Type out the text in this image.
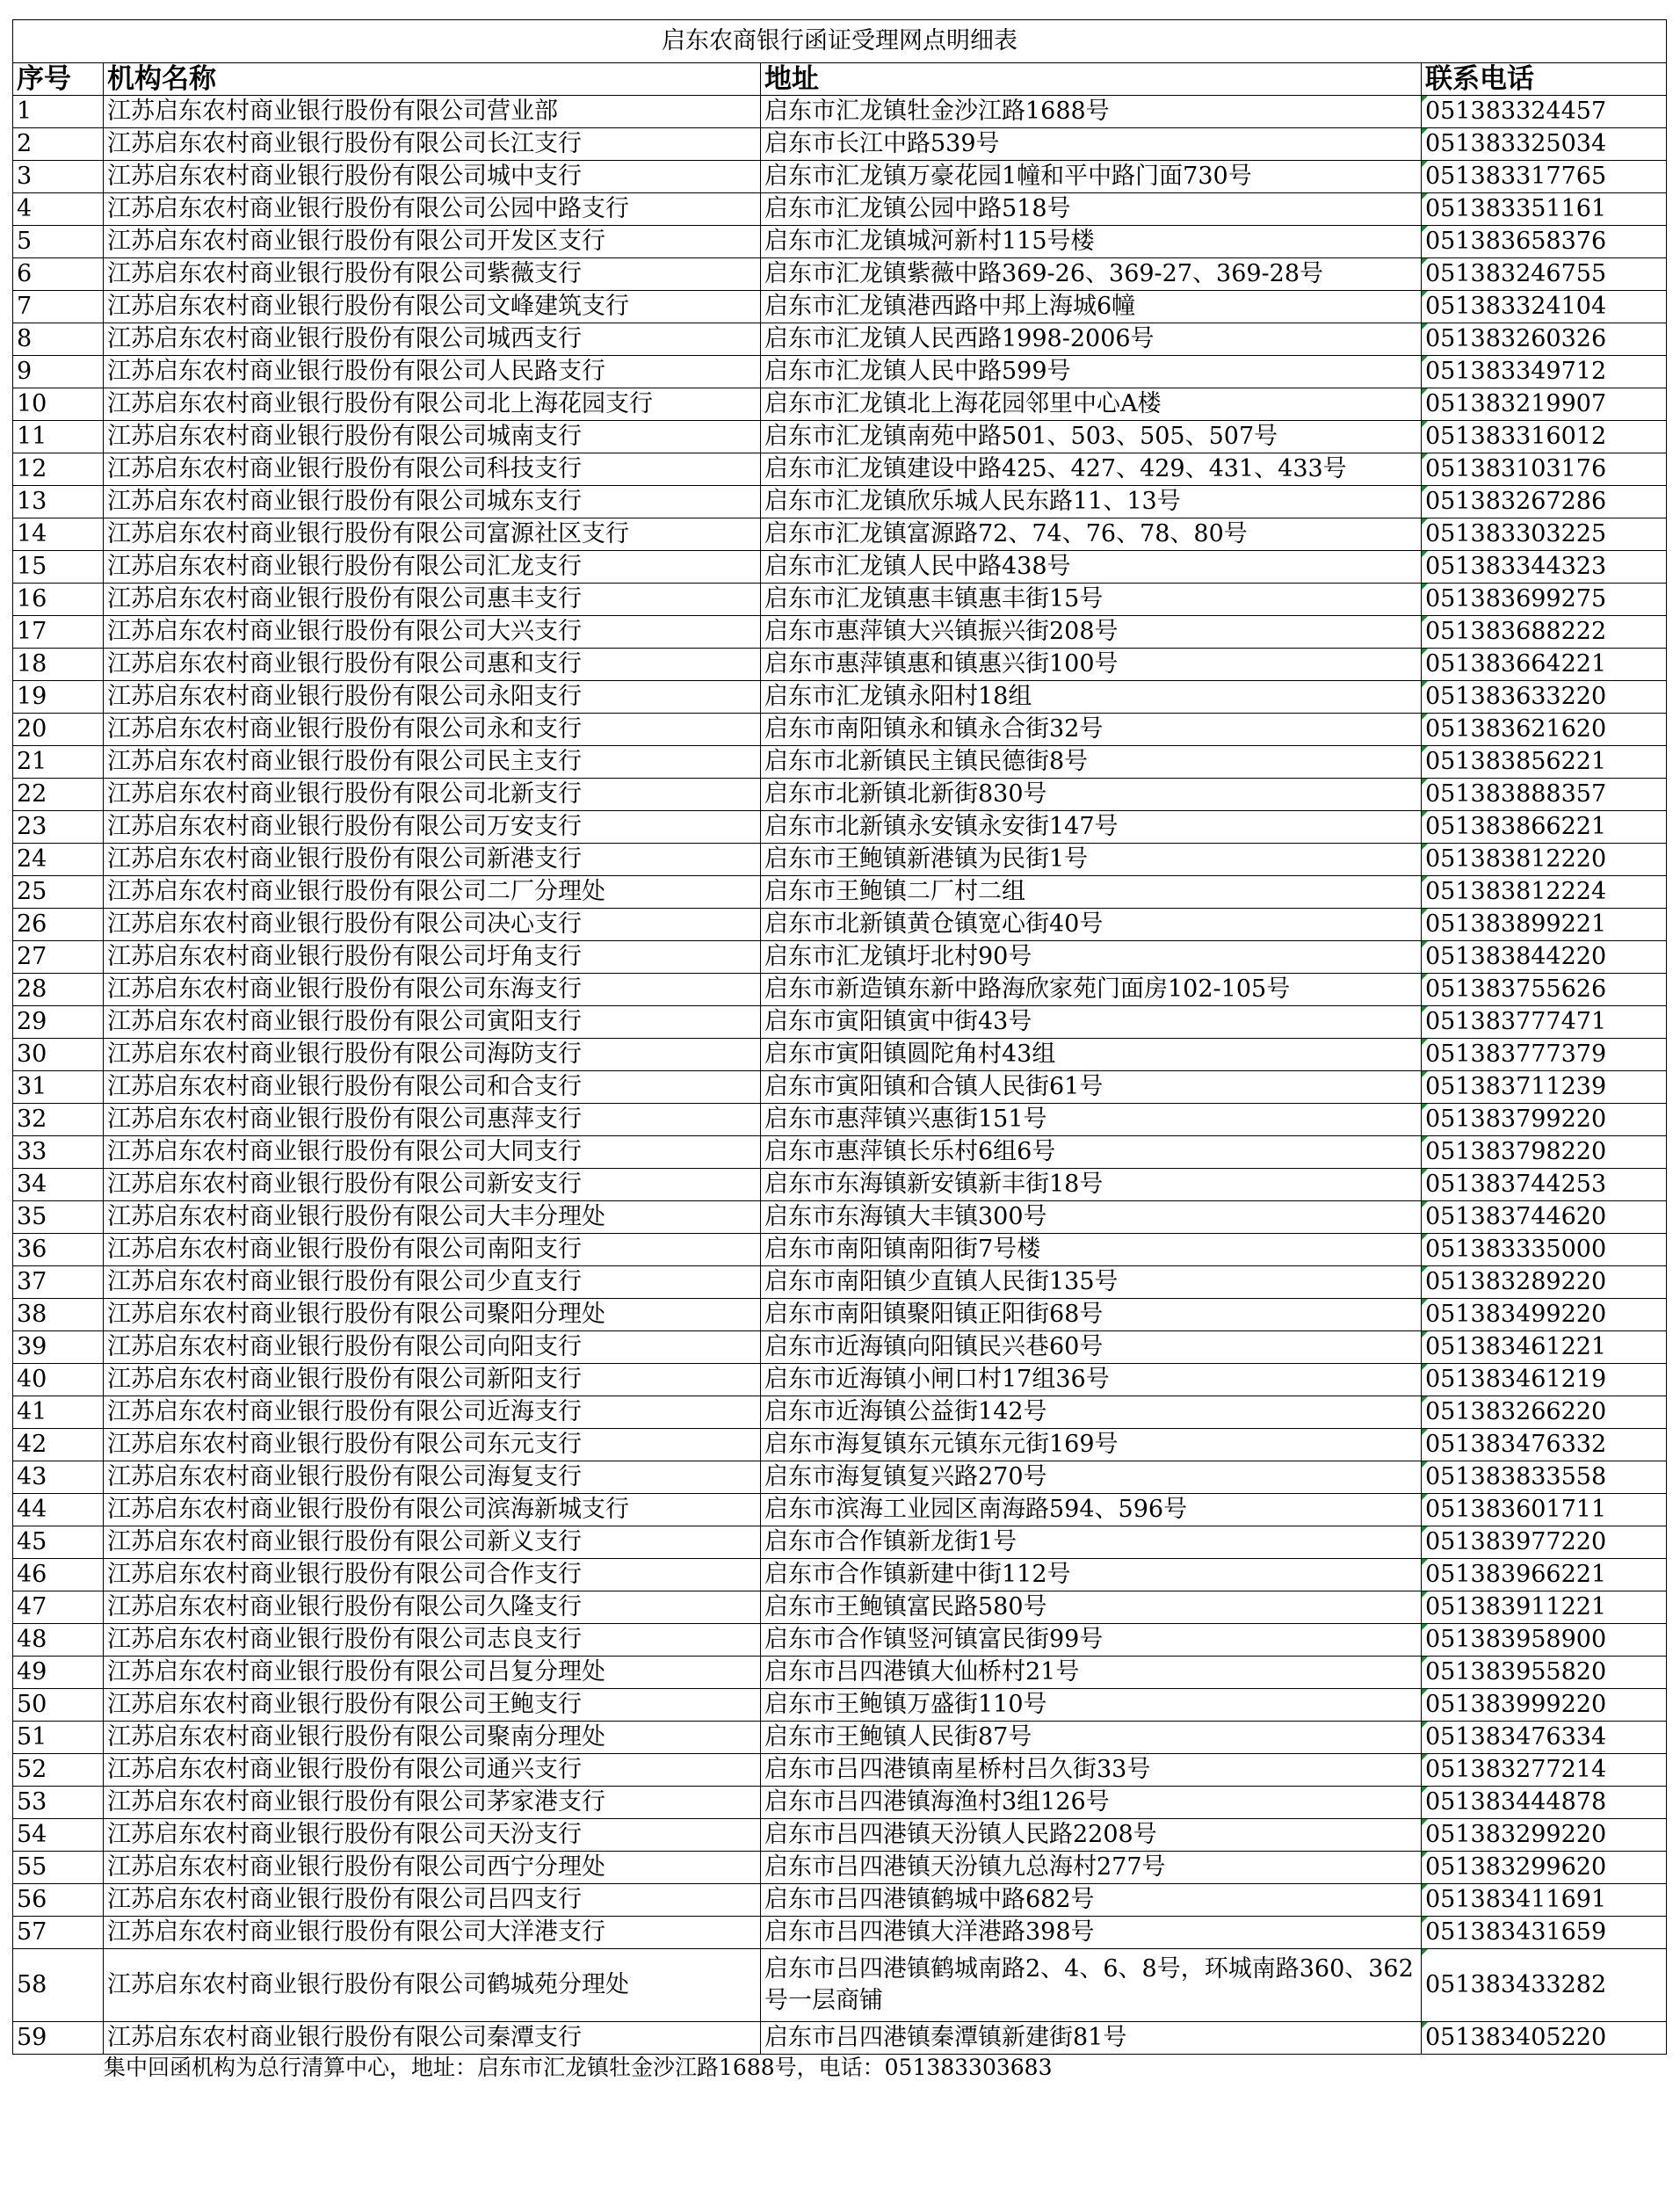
启东农商银行函证受理网点明细表			
序号	机构名称	地址	联系电话
1	江苏启东农村商业银行股份有限公司营业部	启东市汇龙镇牡金沙江路1688号	051383324457
2	江苏启东农村商业银行股份有限公司长江支行	启东市长江中路539号	051383325034
3	江苏启东农村商业银行股份有限公司城中支行	启东市汇龙镇万豪花园1幢和平中路门面730号	051383317765
4	江苏启东农村商业银行股份有限公司公园中路支行	启东市汇龙镇公园中路518号	051383351161
5	江苏启东农村商业银行股份有限公司开发区支行	启东市汇龙镇城河新村115号楼	051383658376
6	江苏启东农村商业银行股份有限公司紫薇支行	启东市汇龙镇紫薇中路369-26、369-27、369-28号	051383246755
7	江苏启东农村商业银行股份有限公司文峰建筑支行	启东市汇龙镇港西路中邦上海城6幢	051383324104
8	江苏启东农村商业银行股份有限公司城西支行	启东市汇龙镇人民西路1998-2006号	051383260326
9	江苏启东农村商业银行股份有限公司人民路支行	启东市汇龙镇人民中路599号	051383349712
10	江苏启东农村商业银行股份有限公司北上海花园支行	启东市汇龙镇北上海花园邻里中心A楼	051383219907
11	江苏启东农村商业银行股份有限公司城南支行	启东市汇龙镇南苑中路501、503、505、507号	051383316012
12	江苏启东农村商业银行股份有限公司科技支行	启东市汇龙镇建设中路425、427、429、431、433号	051383103176
13	江苏启东农村商业银行股份有限公司城东支行	启东市汇龙镇欣乐城人民东路11、13号	051383267286
14	江苏启东农村商业银行股份有限公司富源社区支行	启东市汇龙镇富源路72、74、76、78、80号	051383303225
15	江苏启东农村商业银行股份有限公司汇龙支行	启东市汇龙镇人民中路438号	051383344323
16	江苏启东农村商业银行股份有限公司惠丰支行	启东市汇龙镇惠丰镇惠丰街15号	051383699275
17	江苏启东农村商业银行股份有限公司大兴支行	启东市惠萍镇大兴镇振兴街208号	051383688222
18	江苏启东农村商业银行股份有限公司惠和支行	启东市惠萍镇惠和镇惠兴街100号	051383664221
19	江苏启东农村商业银行股份有限公司永阳支行	启东市汇龙镇永阳村18组	051383633220
20	江苏启东农村商业银行股份有限公司永和支行	启东市南阳镇永和镇永合街32号	051383621620
21	江苏启东农村商业银行股份有限公司民主支行	启东市北新镇民主镇民德街8号	051383856221
22	江苏启东农村商业银行股份有限公司北新支行	启东市北新镇北新街830号	051383888357
23	江苏启东农村商业银行股份有限公司万安支行	启东市北新镇永安镇永安街147号	051383866221
24	江苏启东农村商业银行股份有限公司新港支行	启东市王鲍镇新港镇为民街1号	051383812220
25	江苏启东农村商业银行股份有限公司二厂分理处	启东市王鲍镇二厂村二组	051383812224
26	江苏启东农村商业银行股份有限公司决心支行	启东市北新镇黄仓镇宽心街40号	051383899221
27	江苏启东农村商业银行股份有限公司圩角支行	启东市汇龙镇圩北村90号	051383844220
28	江苏启东农村商业银行股份有限公司东海支行	启东市新造镇东新中路海欣家苑门面房102-105号	051383755626
29	江苏启东农村商业银行股份有限公司寅阳支行	启东市寅阳镇寅中街43号	051383777471
30	江苏启东农村商业银行股份有限公司海防支行	启东市寅阳镇圆陀角村43组	051383777379
31	江苏启东农村商业银行股份有限公司和合支行	启东市寅阳镇和合镇人民街61号	051383711239
32	江苏启东农村商业银行股份有限公司惠萍支行	启东市惠萍镇兴惠街151号	051383799220
33	江苏启东农村商业银行股份有限公司大同支行	启东市惠萍镇长乐村6组6号	051383798220
34	江苏启东农村商业银行股份有限公司新安支行	启东市东海镇新安镇新丰街18号	051383744253
35	江苏启东农村商业银行股份有限公司大丰分理处	启东市东海镇大丰镇300号	051383744620
36	江苏启东农村商业银行股份有限公司南阳支行	启东市南阳镇南阳街7号楼	051383335000
37	江苏启东农村商业银行股份有限公司少直支行	启东市南阳镇少直镇人民街135号	051383289220
38	江苏启东农村商业银行股份有限公司聚阳分理处	启东市南阳镇聚阳镇正阳街68号	051383499220
39	江苏启东农村商业银行股份有限公司向阳支行	启东市近海镇向阳镇民兴巷60号	051383461221
40	江苏启东农村商业银行股份有限公司新阳支行	启东市近海镇小闸口村17组36号	051383461219
41	江苏启东农村商业银行股份有限公司近海支行	启东市近海镇公益街142号	051383266220
42	江苏启东农村商业银行股份有限公司东元支行	启东市海复镇东元镇东元街169号	051383476332
43	江苏启东农村商业银行股份有限公司海复支行	启东市海复镇复兴路270号	051383833558
44	江苏启东农村商业银行股份有限公司滨海新城支行	启东市滨海工业园区南海路594、596号	051383601711
45	江苏启东农村商业银行股份有限公司新义支行	启东市合作镇新龙街1号	051383977220
46	江苏启东农村商业银行股份有限公司合作支行	启东市合作镇新建中街112号	051383966221
47	江苏启东农村商业银行股份有限公司久隆支行	启东市王鲍镇富民路580号	051383911221
48	江苏启东农村商业银行股份有限公司志良支行	启东市合作镇竖河镇富民街99号	051383958900
49	江苏启东农村商业银行股份有限公司吕复分理处	启东市吕四港镇大仙桥村21号	051383955820
50	江苏启东农村商业银行股份有限公司王鲍支行	启东市王鲍镇万盛街110号	051383999220
51	江苏启东农村商业银行股份有限公司聚南分理处	启东市王鲍镇人民街87号	051383476334
52	江苏启东农村商业银行股份有限公司通兴支行	启东市吕四港镇南星桥村吕久街33号	051383277214
53	江苏启东农村商业银行股份有限公司茅家港支行	启东市吕四港镇海渔村3组126号	051383444878
54	江苏启东农村商业银行股份有限公司天汾支行	启东市吕四港镇天汾镇人民路2208号	051383299220
55	江苏启东农村商业银行股份有限公司西宁分理处	启东市吕四港镇天汾镇九总海村277号	051383299620
56	江苏启东农村商业银行股份有限公司吕四支行	启东市吕四港镇鹤城中路682号	051383411691
57	江苏启东农村商业银行股份有限公司大洋港支行	启东市吕四港镇大洋港路398号	051383431659
58	江苏启东农村商业银行股份有限公司鹤城苑分理处	启东市吕四港镇鹤城南路2、4、6、8号，环城南路360、362号一层商铺	051383433282
59	江苏启东农村商业银行股份有限公司秦潭支行	启东市吕四港镇秦潭镇新建街81号	051383405220
集中回函机构为总行清算中心，地址：启东市汇龙镇牡金沙江路1688号，电话：051383303683
